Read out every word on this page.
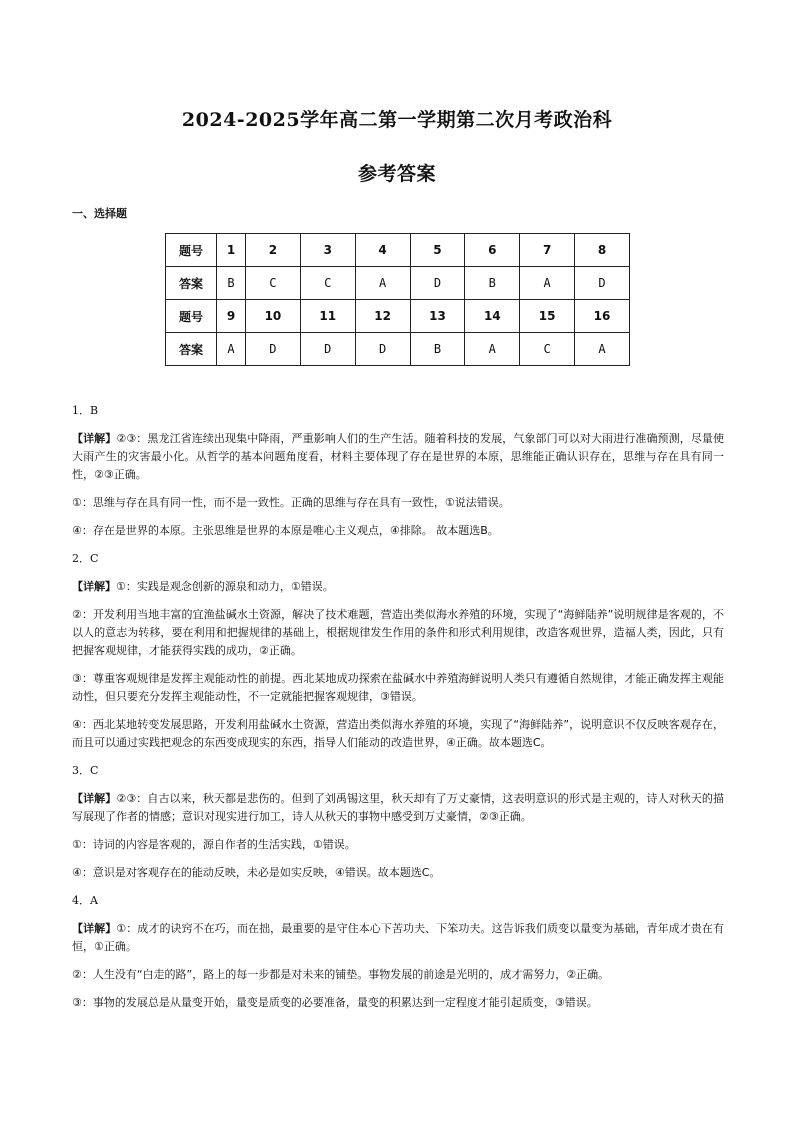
2024-2025学年高二第一学期第二次月考政治科
参考答案
一、选择题
题号	1	2	3	4	5	6	7	8
答案	B	C	C	A	D	B	A	D
题号	9	10	11	12	13	14	15	16
答案	A	D	D	D	B	A	C	A
1．B
【详解】②③：黑龙江省连续出现集中降雨，严重影响人们的生产生活。随着科技的发展，气象部门可以对大雨进行准确预测，尽量使大雨产生的灾害最小化。从哲学的基本问题角度看，材料主要体现了存在是世界的本原，思维能正确认识存在，思维与存在具有同一性，②③正确。
①：思维与存在具有同一性，而不是一致性。正确的思维与存在具有一致性，①说法错误。
④：存在是世界的本原。主张思维是世界的本原是唯心主义观点，④排除。 故本题选B。
2．C
【详解】①：实践是观念创新的源泉和动力，①错误。
②：开发利用当地丰富的宜渔盐碱水土资源，解决了技术难题，营造出类似海水养殖的环境，实现了“海鲜陆养”说明规律是客观的，不以人的意志为转移，要在利用和把握规律的基础上，根据规律发生作用的条件和形式利用规律，改造客观世界，造福人类，因此，只有把握客观规律，才能获得实践的成功，②正确。
③：尊重客观规律是发挥主观能动性的前提。西北某地成功探索在盐碱水中养殖海鲜说明人类只有遵循自然规律，才能正确发挥主观能动性，但只要充分发挥主观能动性，不一定就能把握客观规律，③错误。
④：西北某地转变发展思路，开发利用盐碱水土资源，营造出类似海水养殖的环境，实现了“海鲜陆养”，说明意识不仅反映客观存在，而且可以通过实践把观念的东西变成现实的东西，指导人们能动的改造世界，④正确。故本题选C。
3．C
【详解】②③：自古以来，秋天都是悲伤的。但到了刘禹锡这里，秋天却有了万丈豪情，这表明意识的形式是主观的，诗人对秋天的描写展现了作者的情感；意识对现实进行加工，诗人从秋天的事物中感受到万丈豪情，②③正确。
①：诗词的内容是客观的，源自作者的生活实践，①错误。
④：意识是对客观存在的能动反映，未必是如实反映，④错误。故本题选C。
4．A
【详解】①：成才的诀窍不在巧，而在拙，最重要的是守住本心下苦功夫、下笨功夫。这告诉我们质变以量变为基础，青年成才贵在有恒，①正确。
②：人生没有“白走的路”，路上的每一步都是对未来的铺垫。事物发展的前途是光明的，成才需努力，②正确。
③：事物的发展总是从量变开始，量变是质变的必要准备，量变的积累达到一定程度才能引起质变，③错误。
